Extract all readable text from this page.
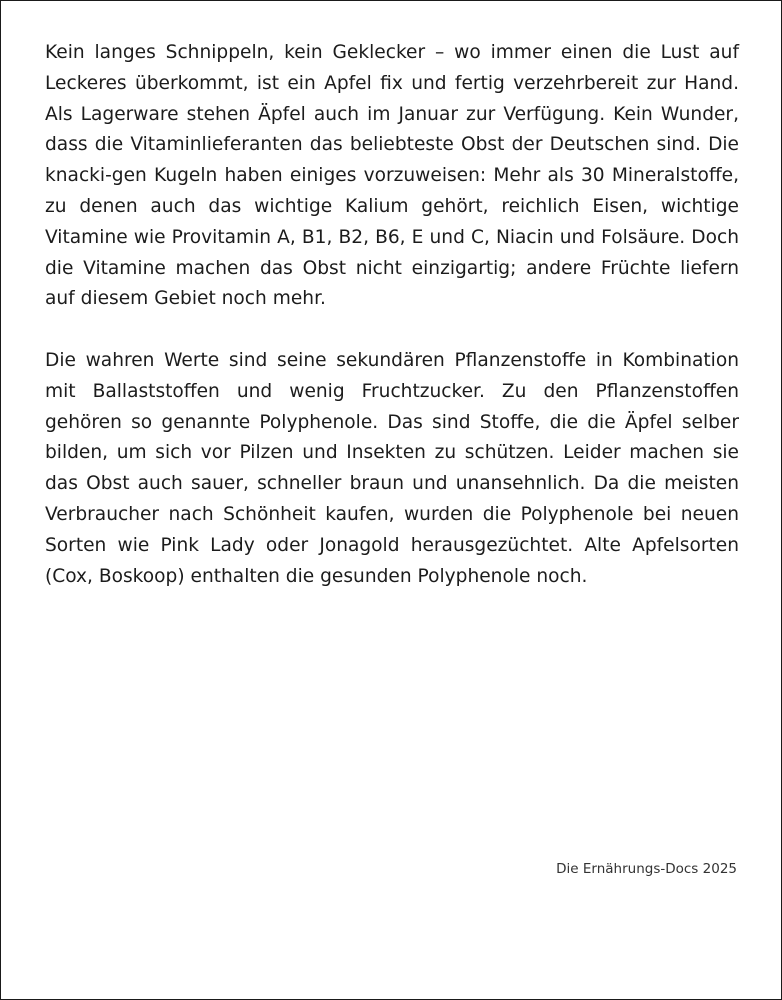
Kein langes Schnippeln, kein Geklecker – wo immer einen die Lust auf Leckeres überkommt, ist ein Apfel fix und fertig verzehrbereit zur Hand. Als Lagerware stehen Äpfel auch im Januar zur Verfügung. Kein Wunder, dass die Vitaminlieferanten das beliebteste Obst der Deutschen sind. Die knacki-gen Kugeln haben einiges vorzuweisen: Mehr als 30 Mineralstoffe, zu denen auch das wichtige Kalium gehört, reichlich Eisen, wichtige Vitamine wie Provitamin A, B1, B2, B6, E und C, Niacin und Folsäure. Doch die Vitamine machen das Obst nicht einzigartig; andere Früchte liefern auf diesem Gebiet noch mehr.

Die wahren Werte sind seine sekundären Pflanzenstoffe in Kombination mit Ballaststoffen und wenig Fruchtzucker. Zu den Pflanzenstoffen gehören so genannte Polyphenole. Das sind Stoffe, die die Äpfel selber bilden, um sich vor Pilzen und Insekten zu schützen. Leider machen sie das Obst auch sauer, schneller braun und unansehnlich. Da die meisten Verbraucher nach Schönheit kaufen, wurden die Polyphenole bei neuen Sorten wie Pink Lady oder Jonagold herausgezüchtet. Alte Apfelsorten (Cox, Boskoop) enthalten die gesunden Polyphenole noch.

Die Ernährungs-Docs 2025
